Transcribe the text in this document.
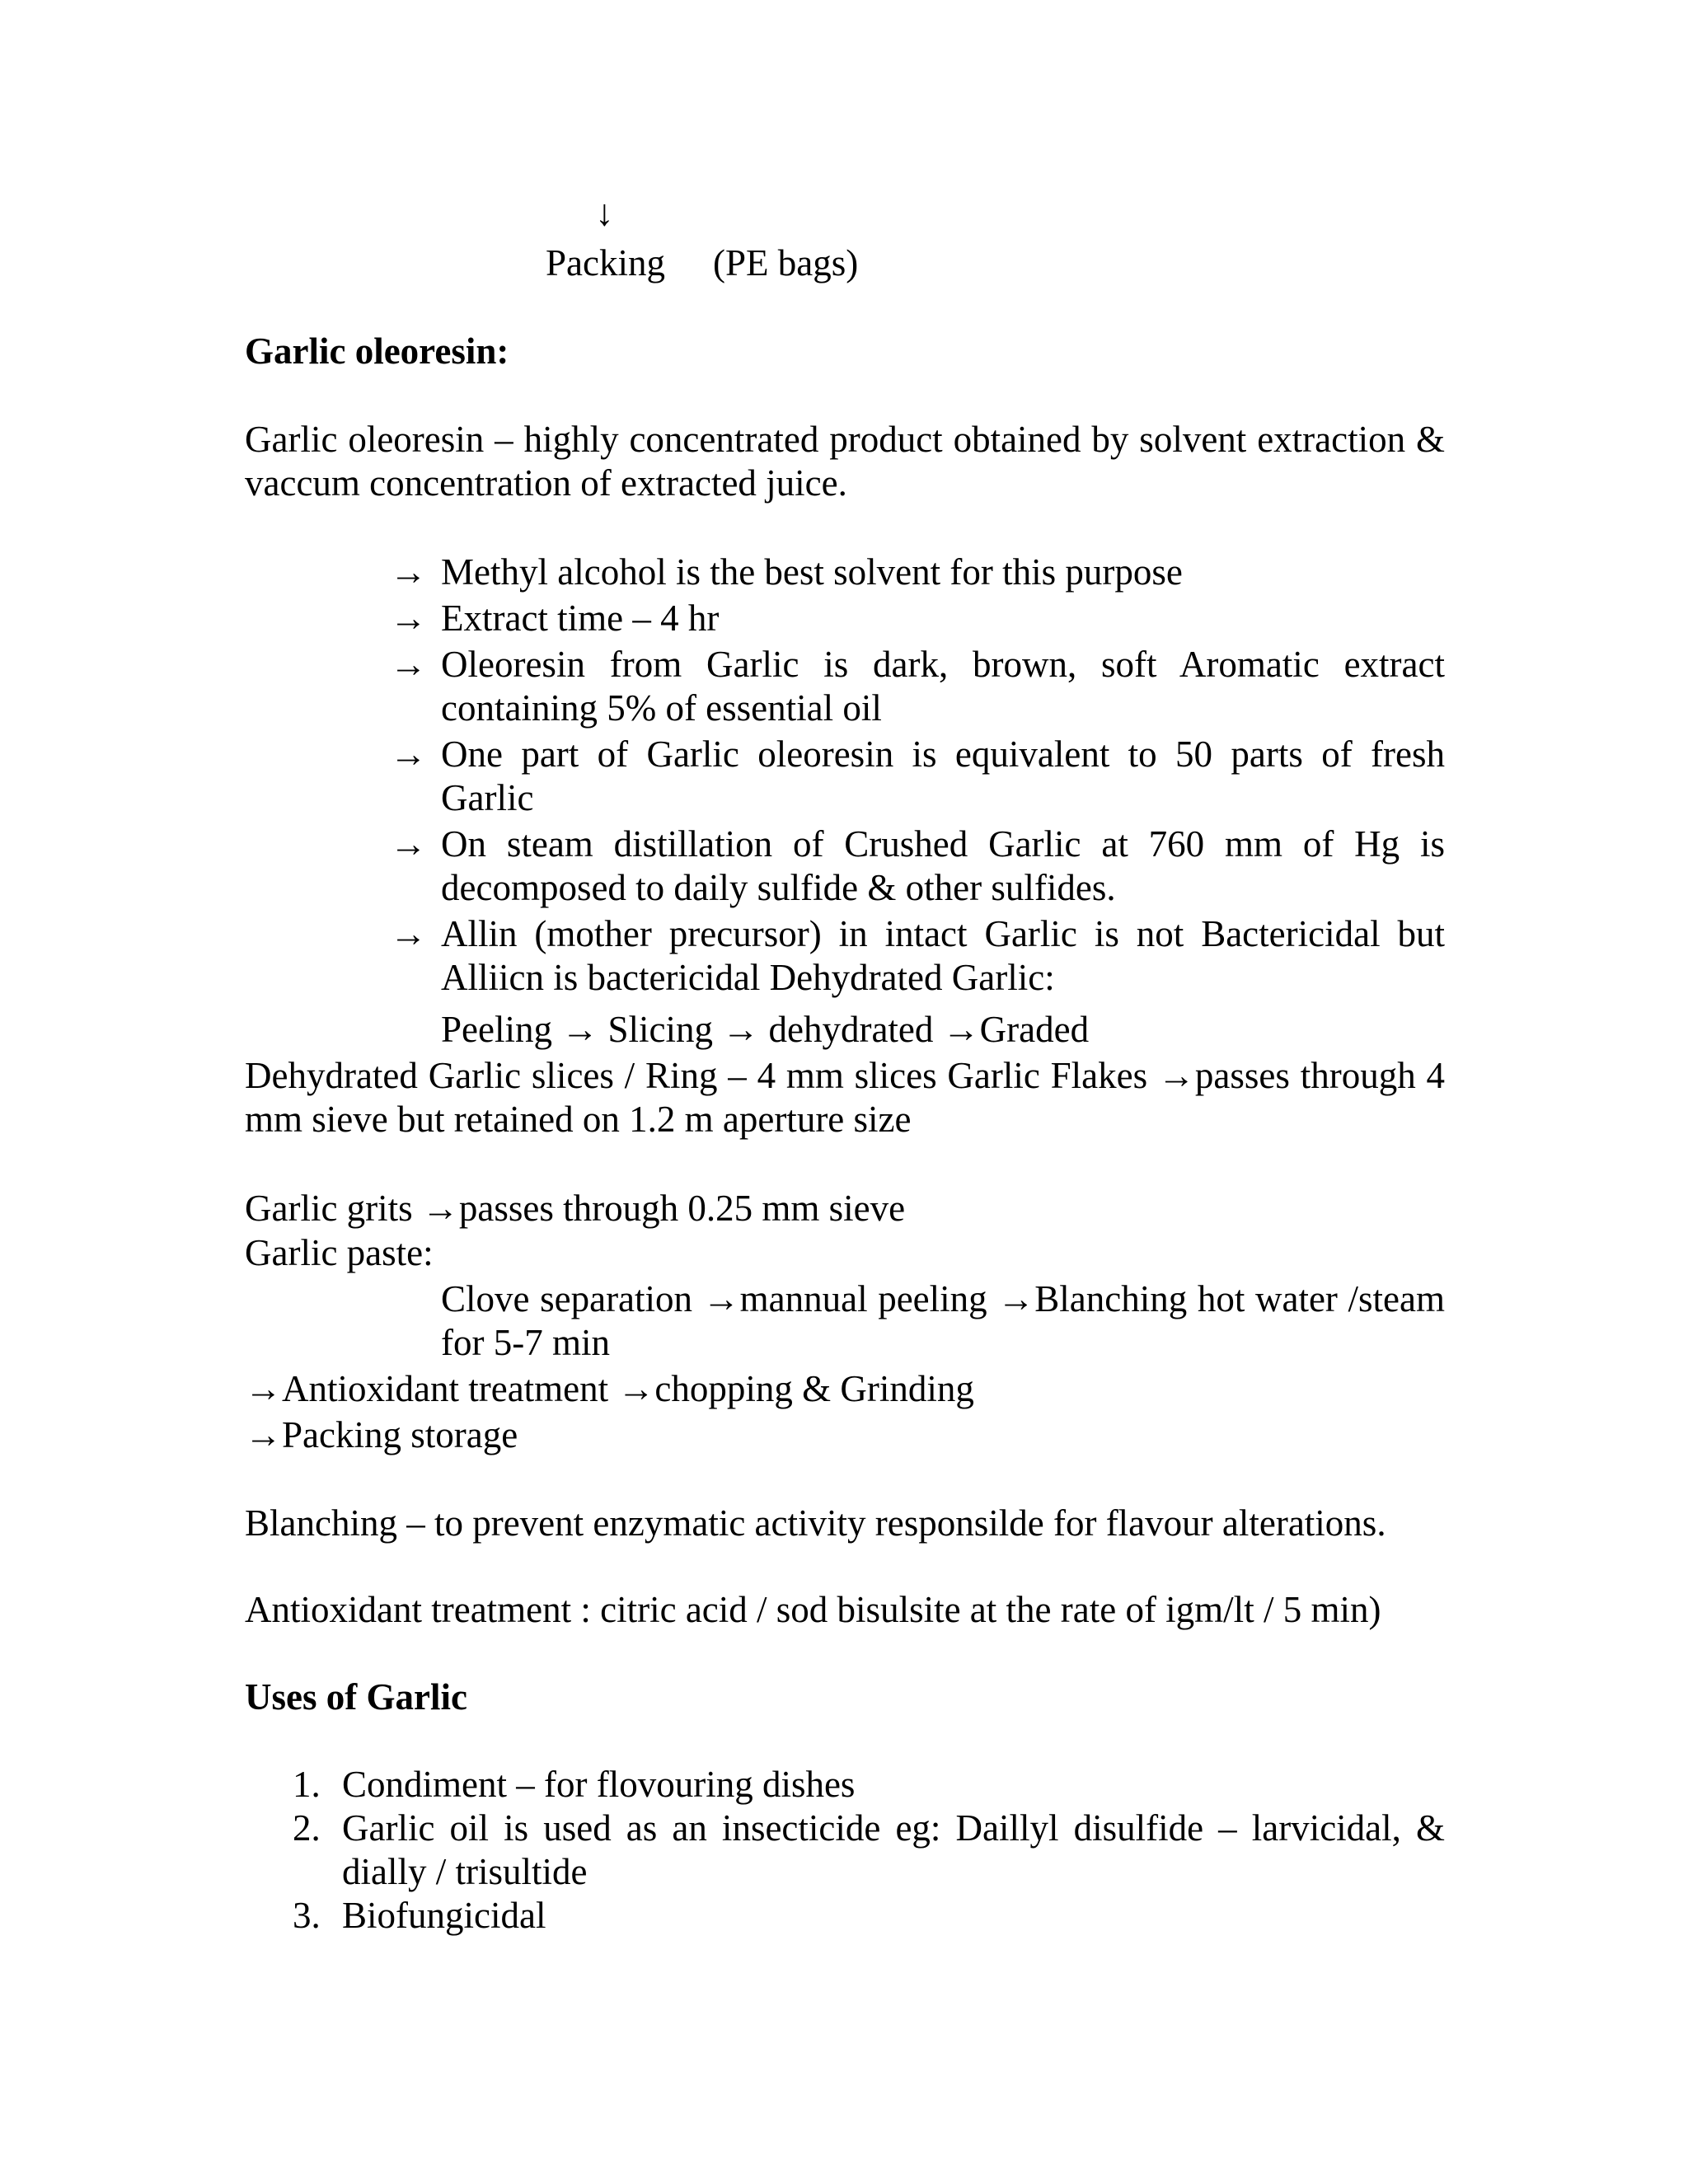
↓
Packing (PE bags)
Garlic oleoresin:
Garlic oleoresin – highly concentrated product obtained by solvent extraction & vaccum concentration of extracted juice.
→ Methyl alcohol is the best solvent for this purpose
→ Extract time – 4 hr
→ Oleoresin from Garlic is dark, brown, soft Aromatic extract containing 5% of essential oil
→ One part of Garlic oleoresin is equivalent to 50 parts of fresh Garlic
→ On steam distillation of Crushed Garlic at 760 mm of Hg is decomposed to daily sulfide & other sulfides.
→ Allin (mother precursor) in intact Garlic is not Bactericidal but Alliicn is bactericidal Dehydrated Garlic:
Peeling → Slicing → dehydrated →Graded
Dehydrated Garlic slices / Ring – 4 mm slices Garlic Flakes →passes through 4 mm sieve but retained on 1.2 m aperture size
Garlic grits →passes through 0.25 mm sieve
Garlic paste:
Clove separation →mannual peeling →Blanching hot water /steam for 5-7 min
→Antioxidant treatment →chopping & Grinding
→Packing storage
Blanching – to prevent enzymatic activity responsilde for flavour alterations.
Antioxidant treatment : citric acid / sod bisulsite at the rate of igm/lt / 5 min)
Uses of Garlic
1. Condiment – for flovouring dishes
2. Garlic oil is used as an insecticide eg: Daillyl disulfide – larvicidal, & dially / trisultide
3. Biofungicidal
